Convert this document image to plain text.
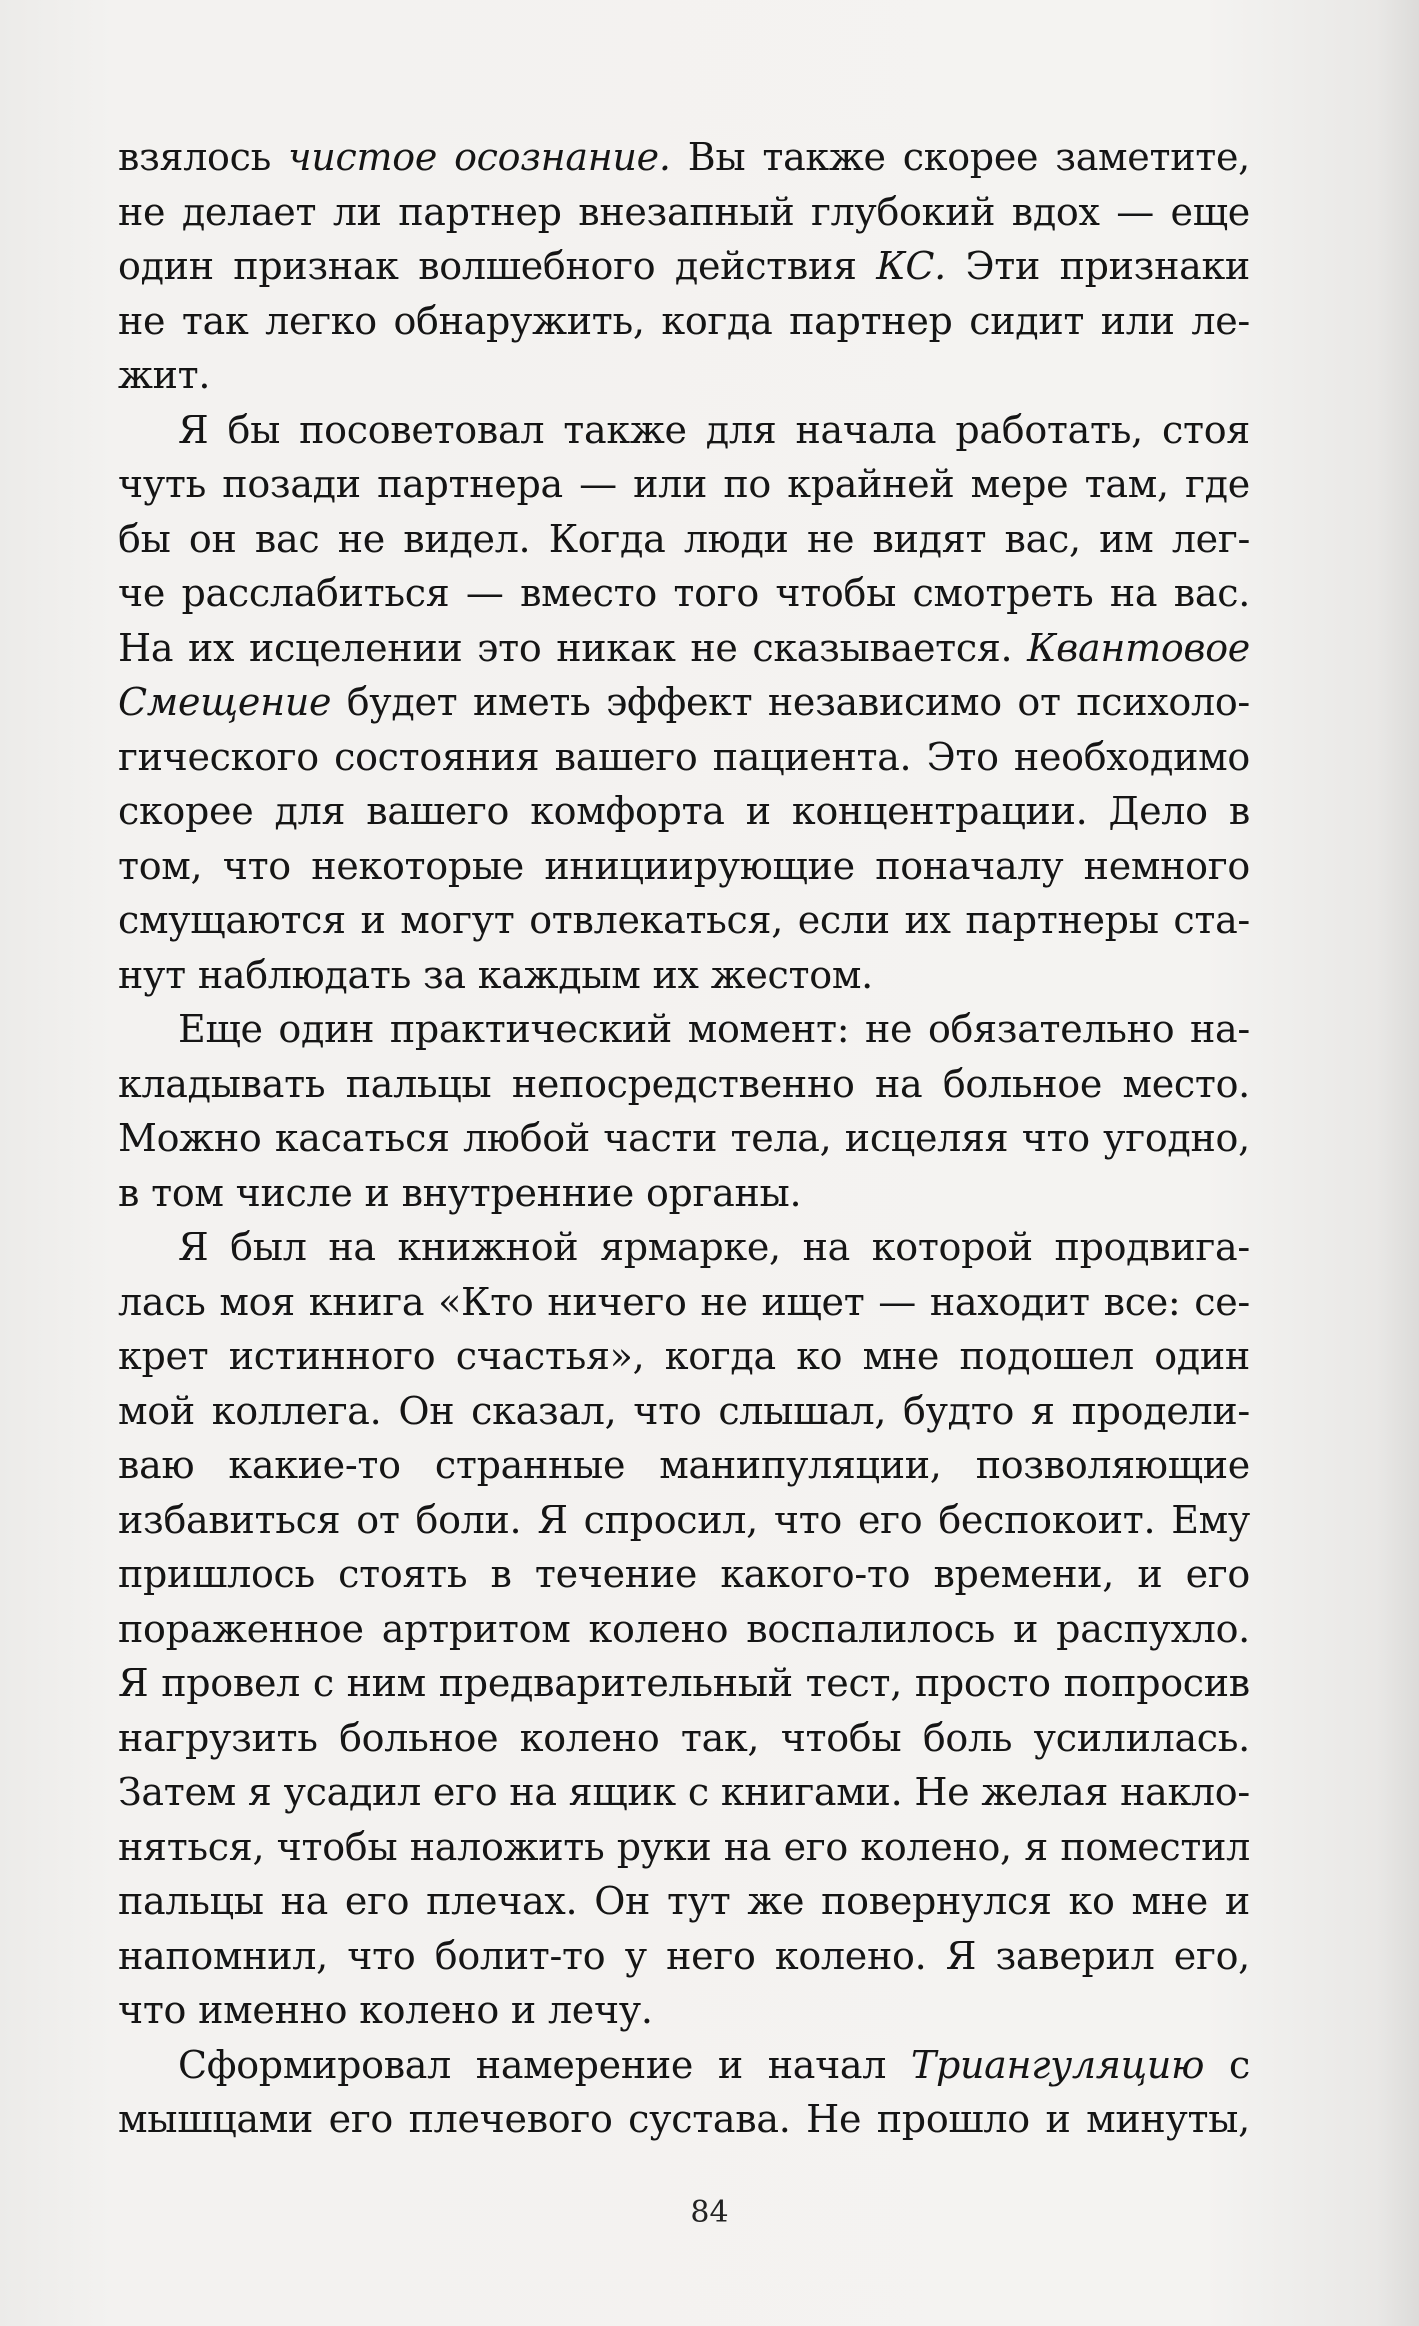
взялось чистое осознание. Вы также скорее заметите,
не делает ли партнер внезапный глубокий вдох — еще
один признак волшебного действия КС. Эти признаки
не так легко обнаружить, когда партнер сидит или ле-
жит.
Я бы посоветовал также для начала работать, стоя
чуть позади партнера — или по крайней мере там, где
бы он вас не видел. Когда люди не видят вас, им лег-
че расслабиться — вместо того чтобы смотреть на вас.
На их исцелении это никак не сказывается. Квантовое
Смещение будет иметь эффект независимо от психоло-
гического состояния вашего пациента. Это необходимо
скорее для вашего комфорта и концентрации. Дело в
том, что некоторые инициирующие поначалу немного
смущаются и могут отвлекаться, если их партнеры ста-
нут наблюдать за каждым их жестом.
Еще один практический момент: не обязательно на-
кладывать пальцы непосредственно на больное место.
Можно касаться любой части тела, исцеляя что угодно,
в том числе и внутренние органы.
Я был на книжной ярмарке, на которой продвига-
лась моя книга «Кто ничего не ищет — находит все: се-
крет истинного счастья», когда ко мне подошел один
мой коллега. Он сказал, что слышал, будто я продели-
ваю какие-то странные манипуляции, позволяющие
избавиться от боли. Я спросил, что его беспокоит. Ему
пришлось стоять в течение какого-то времени, и его
пораженное артритом колено воспалилось и распухло.
Я провел с ним предварительный тест, просто попросив
нагрузить больное колено так, чтобы боль усилилась.
Затем я усадил его на ящик с книгами. Не желая накло-
няться, чтобы наложить руки на его колено, я поместил
пальцы на его плечах. Он тут же повернулся ко мне и
напомнил, что болит-то у него колено. Я заверил его,
что именно колено и лечу.
Сформировал намерение и начал Триангуляцию с
мышцами его плечевого сустава. Не прошло и минуты,
84
